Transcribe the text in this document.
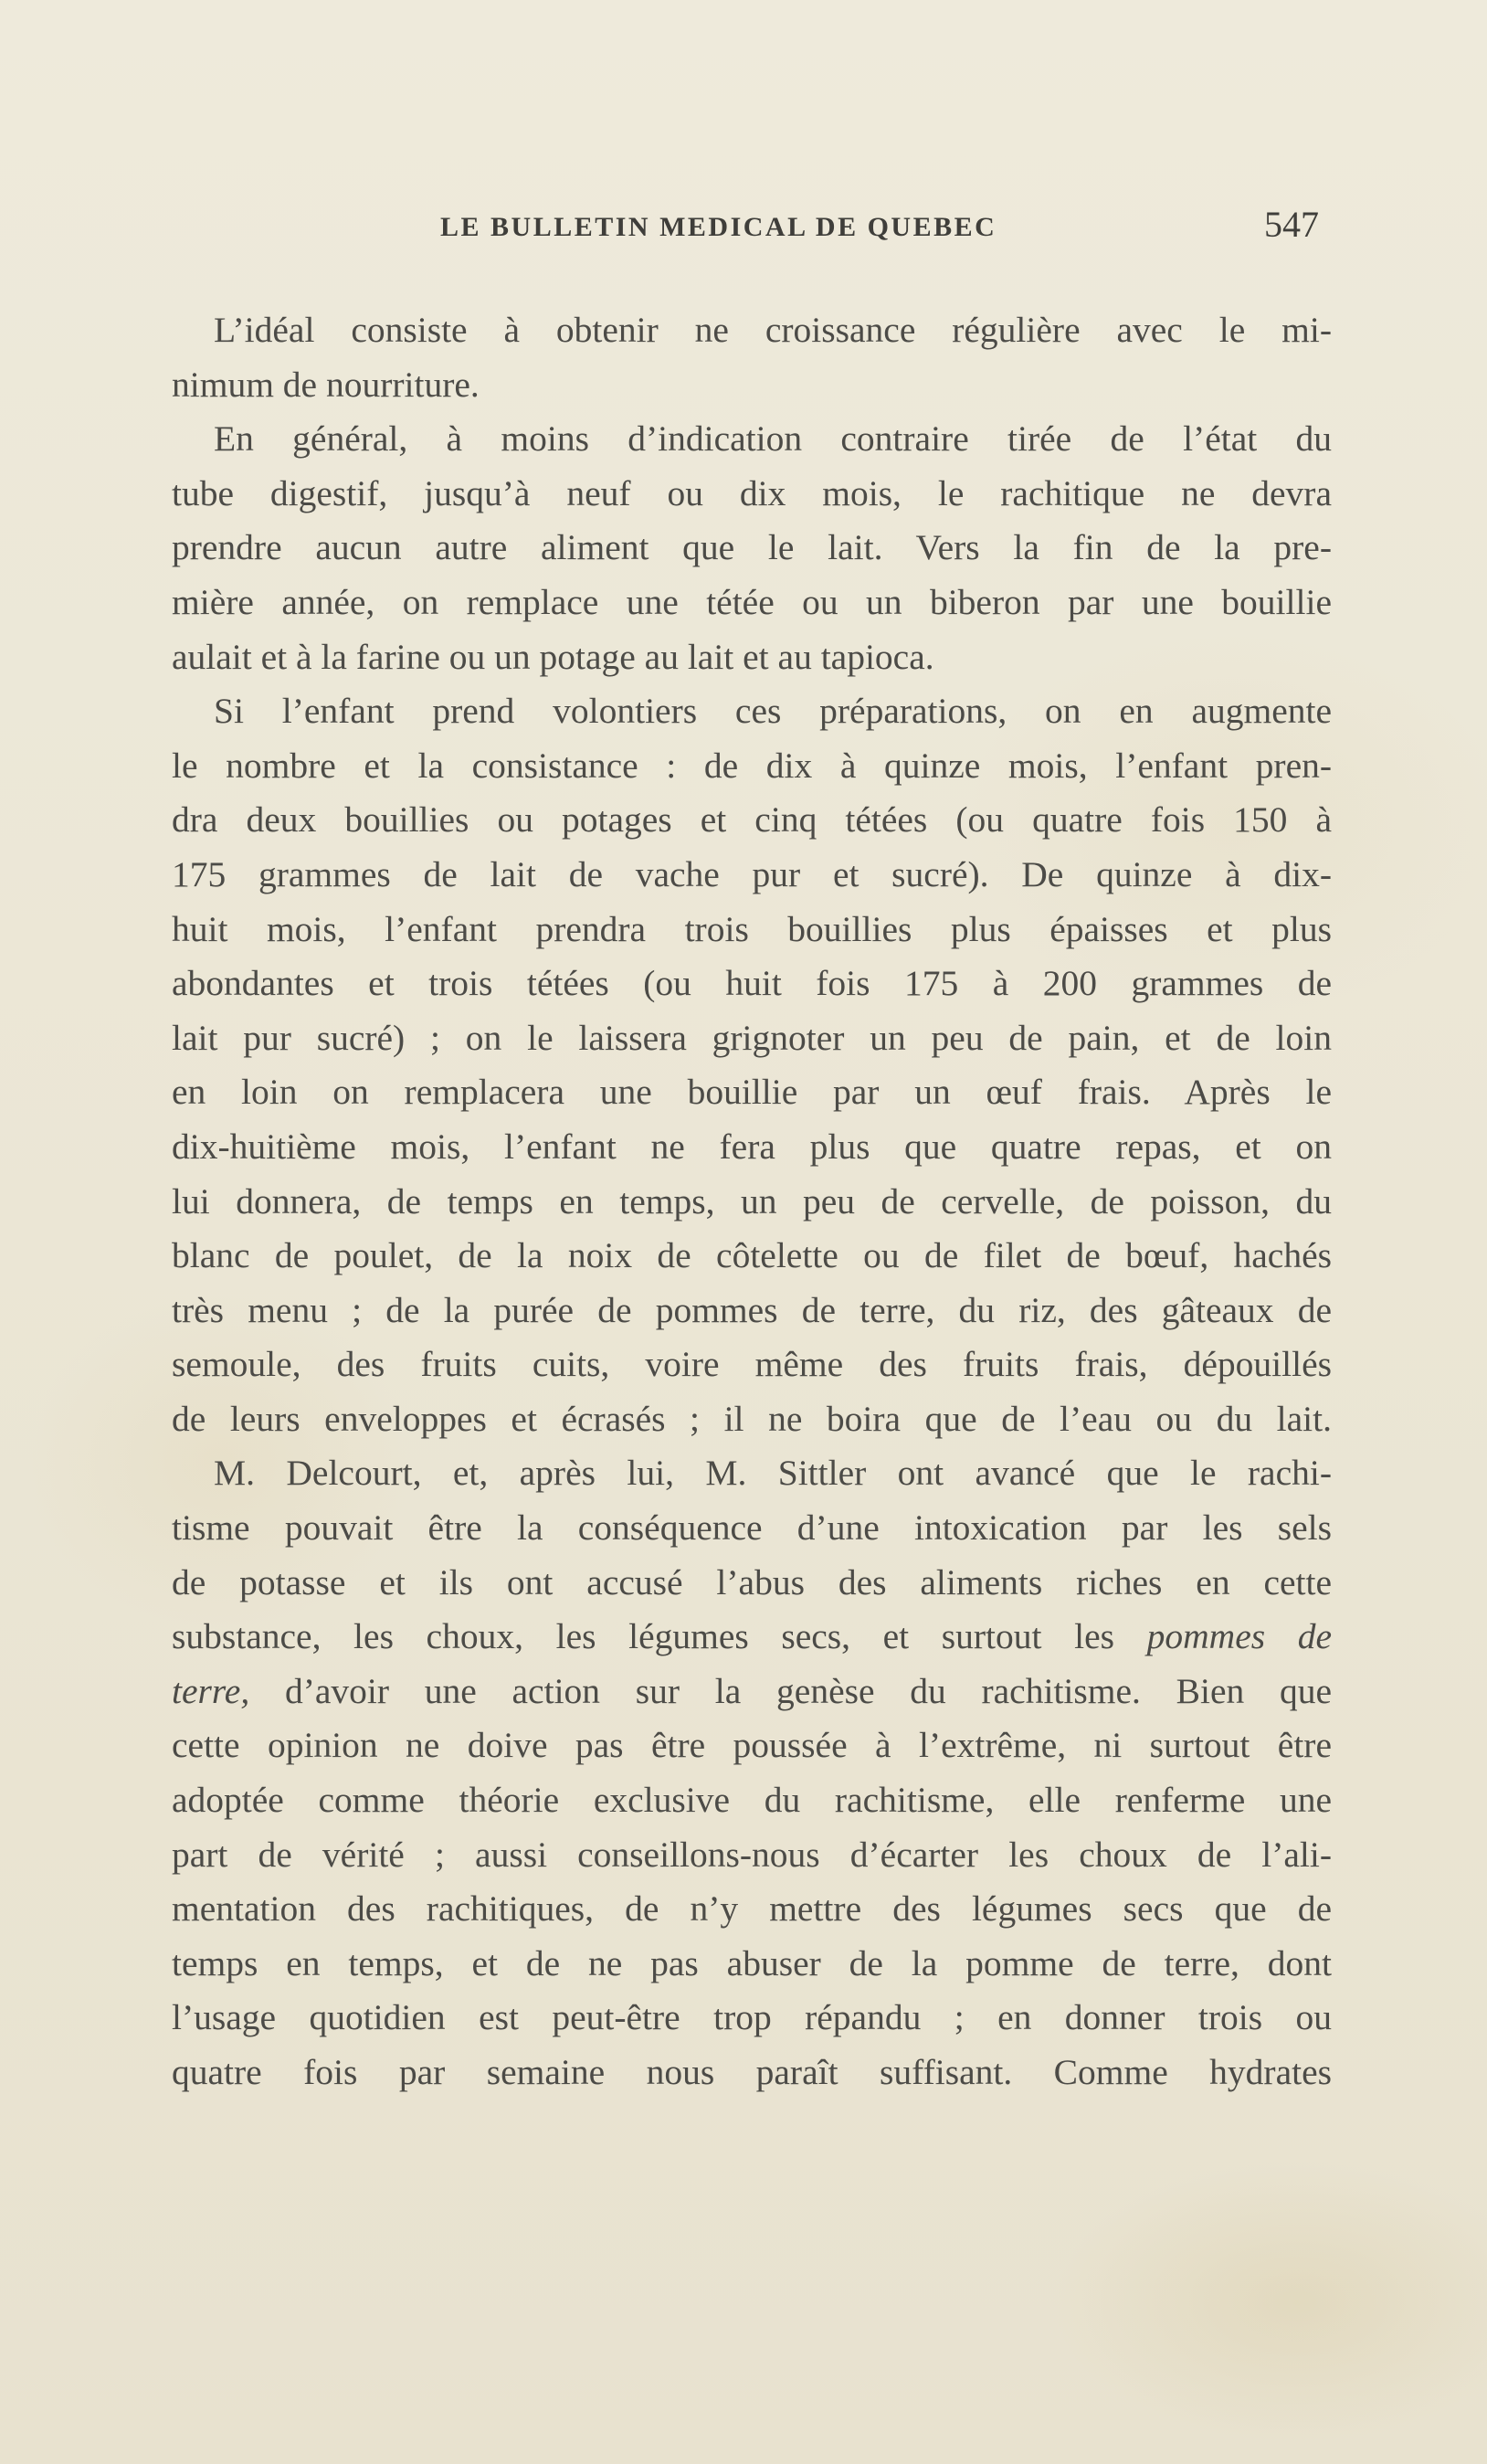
LE BULLETIN MEDICAL DE QUEBEC	547
L’idéal consiste à obtenir ne croissance régulière avec le mi-
nimum de nourriture.
En général, à moins d’indication contraire tirée de l’état du
tube digestif, jusqu’à neuf ou dix mois, le rachitique ne devra
prendre aucun autre aliment que le lait. Vers la fin de la pre-
mière année, on remplace une tétée ou un biberon par une bouillie
aulait et à la farine ou un potage au lait et au tapioca.
Si l’enfant prend volontiers ces préparations, on en augmente
le nombre et la consistance : de dix à quinze mois, l’enfant pren-
dra deux bouillies ou potages et cinq tétées (ou quatre fois 150 à
175 grammes de lait de vache pur et sucré). De quinze à dix-
huit mois, l’enfant prendra trois bouillies plus épaisses et plus
abondantes et trois tétées (ou huit fois 175 à 200 grammes de
lait pur sucré) ; on le laissera grignoter un peu de pain, et de loin
en loin on remplacera une bouillie par un œuf frais. Après le
dix-huitième mois, l’enfant ne fera plus que quatre repas, et on
lui donnera, de temps en temps, un peu de cervelle, de poisson, du
blanc de poulet, de la noix de côtelette ou de filet de bœuf, hachés
très menu ; de la purée de pommes de terre, du riz, des gâteaux de
semoule, des fruits cuits, voire même des fruits frais, dépouillés
de leurs enveloppes et écrasés ; il ne boira que de l’eau ou du lait.
M. Delcourt, et, après lui, M. Sittler ont avancé que le rachi-
tisme pouvait être la conséquence d’une intoxication par les sels
de potasse et ils ont accusé l’abus des aliments riches en cette
substance, les choux, les légumes secs, et surtout les pommes de
terre, d’avoir une action sur la genèse du rachitisme. Bien que
cette opinion ne doive pas être poussée à l’extrême, ni surtout être
adoptée comme théorie exclusive du rachitisme, elle renferme une
part de vérité ; aussi conseillons-nous d’écarter les choux de l’ali-
mentation des rachitiques, de n’y mettre des légumes secs que de
temps en temps, et de ne pas abuser de la pomme de terre, dont
l’usage quotidien est peut-être trop répandu ; en donner trois ou
quatre fois par semaine nous paraît suffisant. Comme hydrates
